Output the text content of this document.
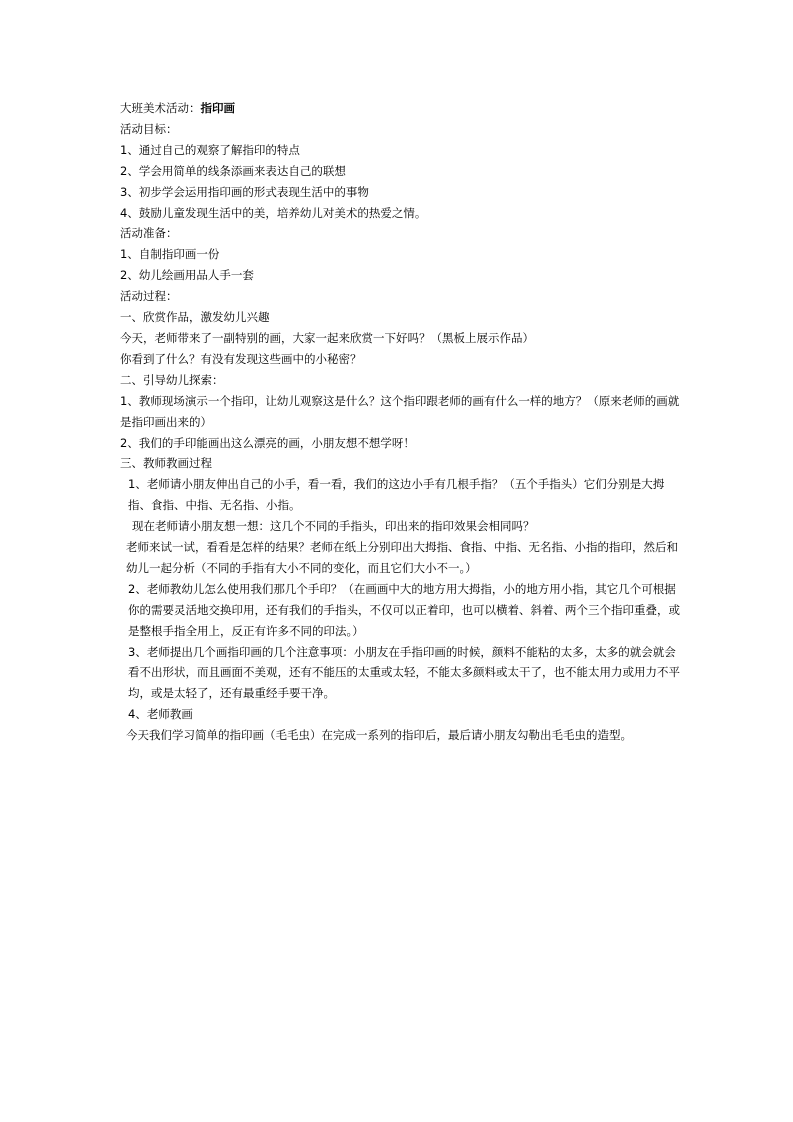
大班美术活动：指印画
活动目标：
1、通过自己的观察了解指印的特点
2、学会用简单的线条添画来表达自己的联想
3、初步学会运用指印画的形式表现生活中的事物
4、鼓励儿童发现生活中的美，培养幼儿对美术的热爱之情。
活动准备：
1、自制指印画一份
2、幼儿绘画用品人手一套
活动过程：
一、欣赏作品，激发幼儿兴趣
今天，老师带来了一副特别的画，大家一起来欣赏一下好吗？（黑板上展示作品）
你看到了什么？有没有发现这些画中的小秘密？
二、引导幼儿探索：
1、教师现场演示一个指印，让幼儿观察这是什么？这个指印跟老师的画有什么一样的地方？（原来老师的画就是指印画出来的）
2、我们的手印能画出这么漂亮的画，小朋友想不想学呀！
三、教师教画过程
1、老师请小朋友伸出自己的小手，看一看，我们的这边小手有几根手指？（五个手指头）它们分别是大拇指、食指、中指、无名指、小指。
现在老师请小朋友想一想：这几个不同的手指头，印出来的指印效果会相同吗？
老师来试一试，看看是怎样的结果？老师在纸上分别印出大拇指、食指、中指、无名指、小指的指印，然后和幼儿一起分析（不同的手指有大小不同的变化，而且它们大小不一。）
2、老师教幼儿怎么使用我们那几个手印？（在画画中大的地方用大拇指，小的地方用小指，其它几个可根据你的需要灵活地交换印用，还有我们的手指头，不仅可以正着印，也可以横着、斜着、两个三个指印重叠，或是整根手指全用上，反正有许多不同的印法。）
3、老师提出几个画指印画的几个注意事项：小朋友在手指印画的时候，颜料不能粘的太多，太多的就会就会看不出形状，而且画面不美观，还有不能压的太重或太轻，不能太多颜料或太干了，也不能太用力或用力不平均，或是太轻了，还有最重经手要干净。
4、老师教画
今天我们学习简单的指印画（毛毛虫）在完成一系列的指印后，最后请小朋友勾勒出毛毛虫的造型。
